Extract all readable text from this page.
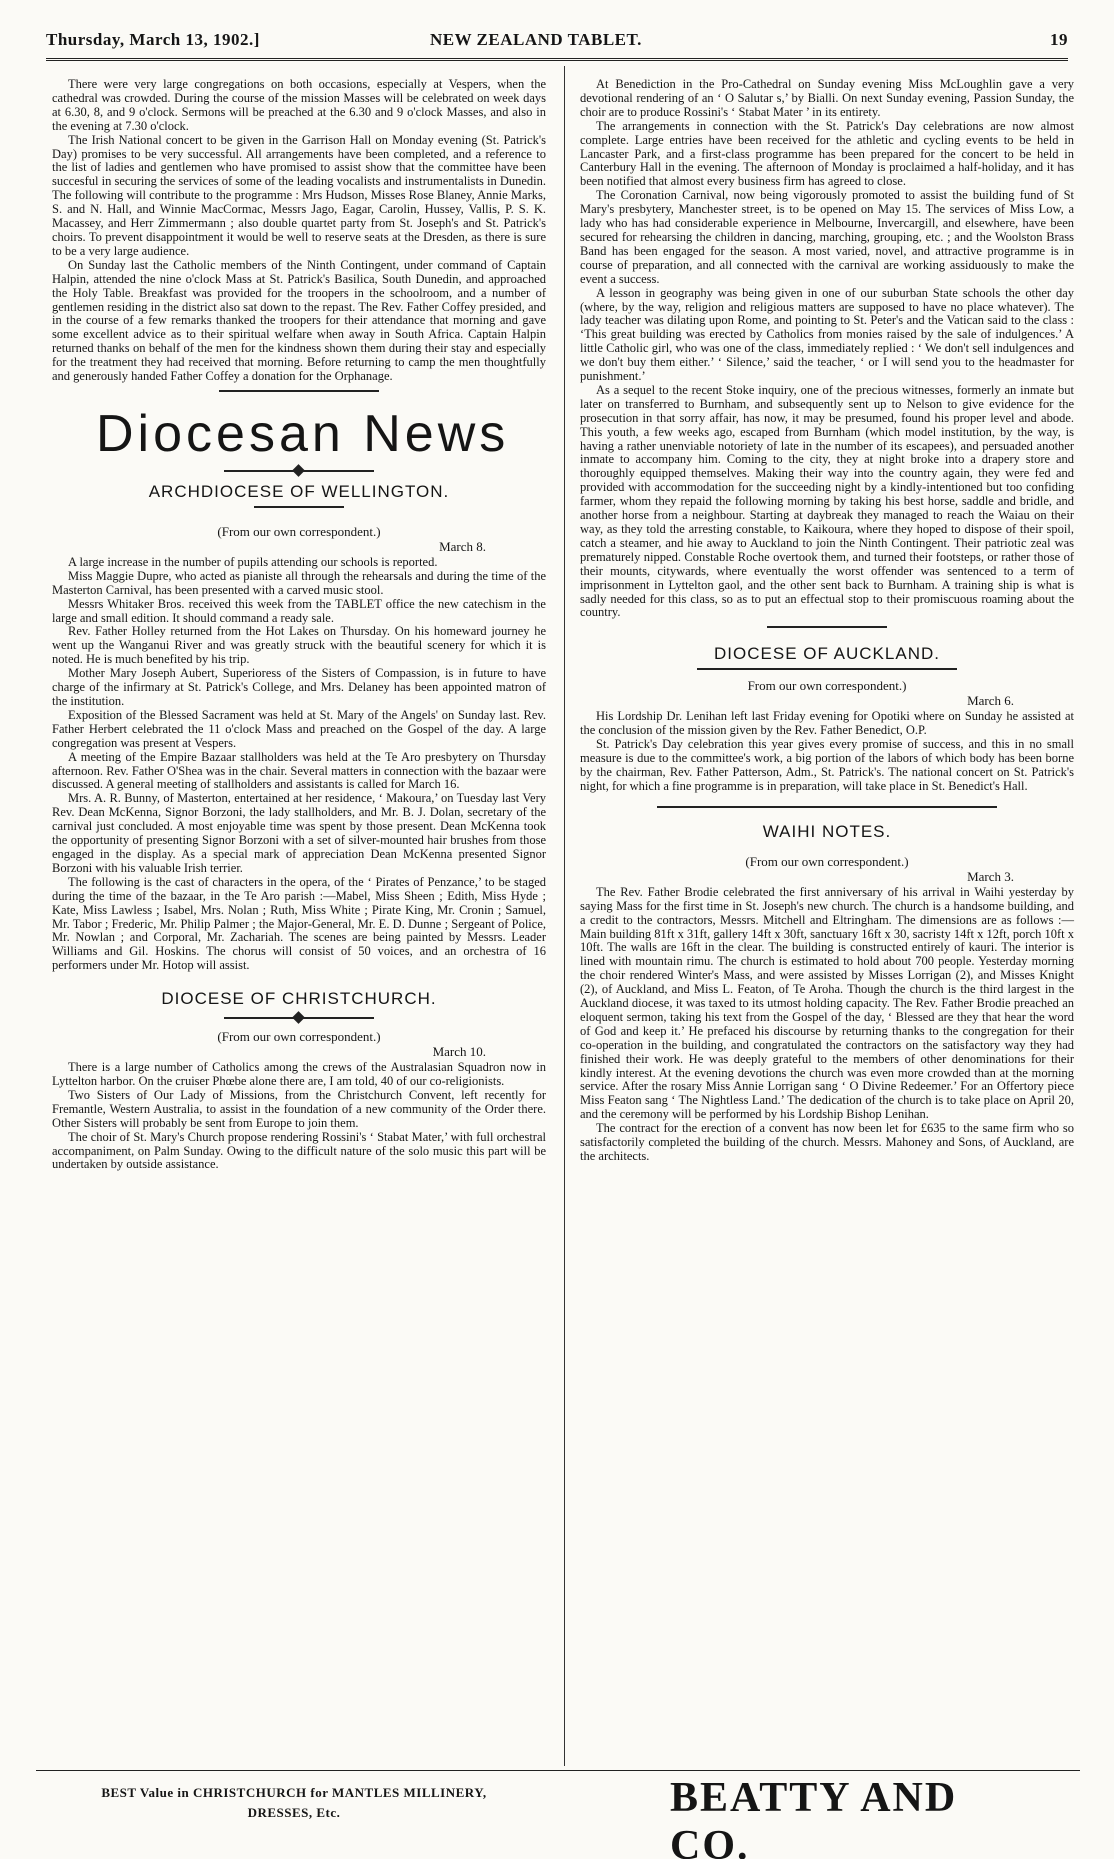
Thursday, March 13, 1902.]	NEW ZEALAND TABLET.	19

There were very large congregations on both occasions, especially at Vespers, when the cathedral was crowded. During the course of the mission Masses will be celebrated on week days at 6.30, 8, and 9 o'clock. Sermons will be preached at the 6.30 and 9 o'clock Masses, and also in the evening at 7.30 o'clock.

The Irish National concert to be given in the Garrison Hall on Monday evening (St. Patrick's Day) promises to be very successful. All arrangements have been completed, and a reference to the list of ladies and gentlemen who have promised to assist show that the committee have been succesful in securing the services of some of the leading vocalists and instrumentalists in Dunedin. The following will contribute to the programme : Mrs Hudson, Misses Rose Blaney, Annie Marks, S. and N. Hall, and Winnie MacCormac, Messrs Jago, Eagar, Carolin, Hussey, Vallis, P. S. K. Macassey, and Herr Zimmermann ; also double quartet party from St. Joseph's and St. Patrick's choirs. To prevent disappointment it would be well to reserve seats at the Dresden, as there is sure to be a very large audience.

On Sunday last the Catholic members of the Ninth Contingent, under command of Captain Halpin, attended the nine o'clock Mass at St. Patrick's Basilica, South Dunedin, and approached the Holy Table. Breakfast was provided for the troopers in the schoolroom, and a number of gentlemen residing in the district also sat down to the repast. The Rev. Father Coffey presided, and in the course of a few remarks thanked the troopers for their attendance that morning and gave some excellent advice as to their spiritual welfare when away in South Africa. Captain Halpin returned thanks on behalf of the men for the kindness shown them during their stay and especially for the treatment they had received that morning. Before returning to camp the men thoughtfully and generously handed Father Coffey a donation for the Orphanage.

Diocesan News
ARCHDIOCESE OF WELLINGTON.

(From our own correspondent.)

March 8.

A large increase in the number of pupils attending our schools is reported.

Miss Maggie Dupre, who acted as pianiste all through the rehearsals and during the time of the Masterton Carnival, has been presented with a carved music stool.

Messrs Whitaker Bros. received this week from the TABLET office the new catechism in the large and small edition. It should command a ready sale.

Rev. Father Holley returned from the Hot Lakes on Thursday. On his homeward journey he went up the Wanganui River and was greatly struck with the beautiful scenery for which it is noted. He is much benefited by his trip.

Mother Mary Joseph Aubert, Superioress of the Sisters of Compassion, is in future to have charge of the infirmary at St. Patrick's College, and Mrs. Delaney has been appointed matron of the institution.

Exposition of the Blessed Sacrament was held at St. Mary of the Angels' on Sunday last. Rev. Father Herbert celebrated the 11 o'clock Mass and preached on the Gospel of the day. A large congregation was present at Vespers.

A meeting of the Empire Bazaar stallholders was held at the Te Aro presbytery on Thursday afternoon. Rev. Father O'Shea was in the chair. Several matters in connection with the bazaar were discussed. A general meeting of stallholders and assistants is called for March 16.

Mrs. A. R. Bunny, of Masterton, entertained at her residence, ‘ Makoura,’ on Tuesday last Very Rev. Dean McKenna, Signor Borzoni, the lady stallholders, and Mr. B. J. Dolan, secretary of the carnival just concluded. A most enjoyable time was spent by those present. Dean McKenna took the opportunity of presenting Signor Borzoni with a set of silver-mounted hair brushes from those engaged in the display. As a special mark of appreciation Dean McKenna presented Signor Borzoni with his valuable Irish terrier.

The following is the cast of characters in the opera, of the ‘ Pirates of Penzance,’ to be staged during the time of the bazaar, in the Te Aro parish :—Mabel, Miss Sheen ; Edith, Miss Hyde ; Kate, Miss Lawless ; Isabel, Mrs. Nolan ; Ruth, Miss White ; Pirate King, Mr. Cronin ; Samuel, Mr. Tabor ; Frederic, Mr. Philip Palmer ; the Major-General, Mr. E. D. Dunne ; Sergeant of Police, Mr. Nowlan ; and Corporal, Mr. Zachariah. The scenes are being painted by Messrs. Leader Williams and Gil. Hoskins. The chorus will consist of 50 voices, and an orchestra of 16 performers under Mr. Hotop will assist.

DIOCESE OF CHRISTCHURCH.

(From our own correspondent.)

March 10.

There is a large number of Catholics among the crews of the Australasian Squadron now in Lyttelton harbor. On the cruiser Phœbe alone there are, I am told, 40 of our co-religionists.

Two Sisters of Our Lady of Missions, from the Christchurch Convent, left recently for Fremantle, Western Australia, to assist in the foundation of a new community of the Order there. Other Sisters will probably be sent from Europe to join them.

The choir of St. Mary's Church propose rendering Rossini's ‘ Stabat Mater,’ with full orchestral accompaniment, on Palm Sunday. Owing to the difficult nature of the solo music this part will be undertaken by outside assistance.

At Benediction in the Pro-Cathedral on Sunday evening Miss McLoughlin gave a very devotional rendering of an ‘ O Salutar s,’ by Bialli. On next Sunday evening, Passion Sunday, the choir are to produce Rossini's ‘ Stabat Mater ’ in its entirety.

The arrangements in connection with the St. Patrick's Day celebrations are now almost complete. Large entries have been received for the athletic and cycling events to be held in Lancaster Park, and a first-class programme has been prepared for the concert to be held in Canterbury Hall in the evening. The afternoon of Monday is proclaimed a half-holiday, and it has been notified that almost every business firm has agreed to close.

The Coronation Carnival, now being vigorously promoted to assist the building fund of St Mary's presbytery, Manchester street, is to be opened on May 15. The services of Miss Low, a lady who has had considerable experience in Melbourne, Invercargill, and elsewhere, have been secured for rehearsing the children in dancing, marching, grouping, etc. ; and the Woolston Brass Band has been engaged for the season. A most varied, novel, and attractive programme is in course of preparation, and all connected with the carnival are working assiduously to make the event a success.

A lesson in geography was being given in one of our suburban State schools the other day (where, by the way, religion and religious matters are supposed to have no place whatever). The lady teacher was dilating upon Rome, and pointing to St. Peter's and the Vatican said to the class : ‘This great building was erected by Catholics from monies raised by the sale of indulgences.’ A little Catholic girl, who was one of the class, immediately replied : ‘ We don't sell indulgences and we don't buy them either.’ ‘ Silence,’ said the teacher, ‘ or I will send you to the headmaster for punishment.’

As a sequel to the recent Stoke inquiry, one of the precious witnesses, formerly an inmate but later on transferred to Burnham, and subsequently sent up to Nelson to give evidence for the prosecution in that sorry affair, has now, it may be presumed, found his proper level and abode. This youth, a few weeks ago, escaped from Burnham (which model institution, by the way, is having a rather unenviable notoriety of late in the number of its escapees), and persuaded another inmate to accompany him. Coming to the city, they at night broke into a drapery store and thoroughly equipped themselves. Making their way into the country again, they were fed and provided with accommodation for the succeeding night by a kindly-intentioned but too confiding farmer, whom they repaid the following morning by taking his best horse, saddle and bridle, and another horse from a neighbour. Starting at daybreak they managed to reach the Waiau on their way, as they told the arresting constable, to Kaikoura, where they hoped to dispose of their spoil, catch a steamer, and hie away to Auckland to join the Ninth Contingent. Their patriotic zeal was prematurely nipped. Constable Roche overtook them, and turned their footsteps, or rather those of their mounts, citywards, where eventually the worst offender was sentenced to a term of imprisonment in Lyttelton gaol, and the other sent back to Burnham. A training ship is what is sadly needed for this class, so as to put an effectual stop to their promiscuous roaming about the country.

DIOCESE OF AUCKLAND.

From our own correspondent.)

March 6.

His Lordship Dr. Lenihan left last Friday evening for Opotiki where on Sunday he assisted at the conclusion of the mission given by the Rev. Father Benedict, O.P.

St. Patrick's Day celebration this year gives every promise of success, and this in no small measure is due to the committee's work, a big portion of the labors of which body has been borne by the chairman, Rev. Father Patterson, Adm., St. Patrick's. The national concert on St. Patrick's night, for which a fine programme is in preparation, will take place in St. Benedict's Hall.

WAIHI NOTES.

(From our own correspondent.)

March 3.

The Rev. Father Brodie celebrated the first anniversary of his arrival in Waihi yesterday by saying Mass for the first time in St. Joseph's new church. The church is a handsome building, and a credit to the contractors, Messrs. Mitchell and Eltringham. The dimensions are as follows :—Main building 81ft x 31ft, gallery 14ft x 30ft, sanctuary 16ft x 30, sacristy 14ft x 12ft, porch 10ft x 10ft. The walls are 16ft in the clear. The building is constructed entirely of kauri. The interior is lined with mountain rimu. The church is estimated to hold about 700 people. Yesterday morning the choir rendered Winter's Mass, and were assisted by Misses Lorrigan (2), and Misses Knight (2), of Auckland, and Miss L. Featon, of Te Aroha. Though the church is the third largest in the Auckland diocese, it was taxed to its utmost holding capacity. The Rev. Father Brodie preached an eloquent sermon, taking his text from the Gospel of the day, ‘ Blessed are they that hear the word of God and keep it.’ He prefaced his discourse by returning thanks to the congregation for their co-operation in the building, and congratulated the contractors on the satisfactory way they had finished their work. He was deeply grateful to the members of other denominations for their kindly interest. At the evening devotions the church was even more crowded than at the morning service. After the rosary Miss Annie Lorrigan sang ‘ O Divine Redeemer.’ For an Offertory piece Miss Featon sang ‘ The Nightless Land.’ The dedication of the church is to take place on April 20, and the ceremony will be performed by his Lordship Bishop Lenihan.

The contract for the erection of a convent has now been let for £635 to the same firm who so satisfactorily completed the building of the church. Messrs. Mahoney and Sons, of Auckland, are the architects.

BEST Value in CHRISTCHURCH for MANTLES MILLINERY,
DRESSES, Etc.	BEATTY AND CO.
